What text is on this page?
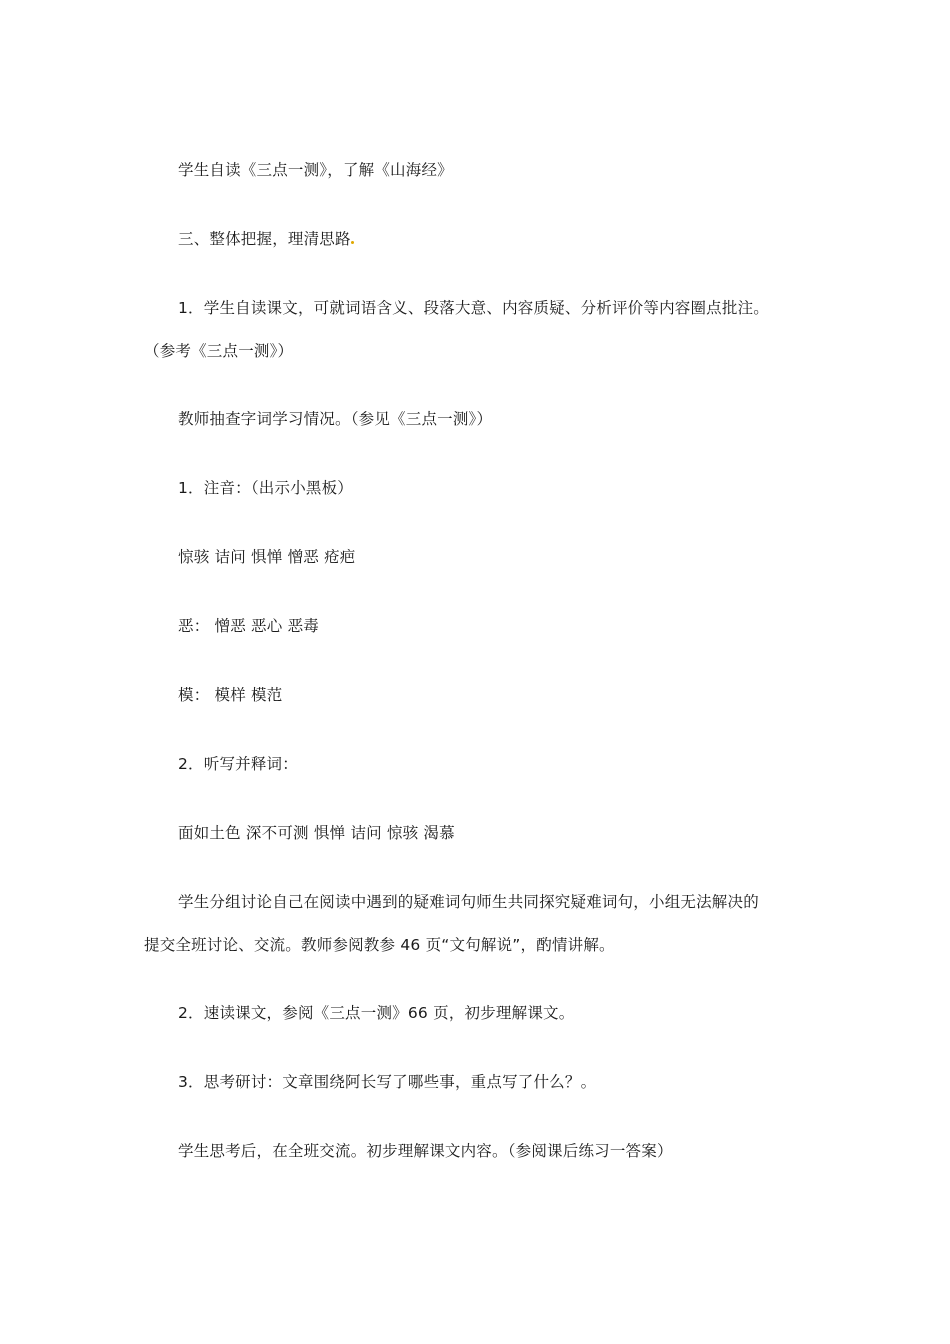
学生自读《三点一测》，了解《山海经》
三、整体把握，理清思路
1．学生自读课文，可就词语含义、段落大意、内容质疑、分析评价等内容圈点批注。
（参考《三点一测》）
教师抽查字词学习情况。（参见《三点一测》）
1．注音：（出示小黑板）
惊骇 诘问 惧惮 憎恶 疮疤
恶： 憎恶 恶心 恶毒
模： 模样 模范
2．听写并释词：
面如土色 深不可测 惧惮 诘问 惊骇 渴慕
学生分组讨论自己在阅读中遇到的疑难词句师生共同探究疑难词句，小组无法解决的
提交全班讨论、交流。教师参阅教参 46 页“文句解说”，酌情讲解。
2．速读课文，参阅《三点一测》66 页，初步理解课文。
3．思考研讨：文章围绕阿长写了哪些事，重点写了什么？。
学生思考后，在全班交流。初步理解课文内容。（参阅课后练习一答案）
